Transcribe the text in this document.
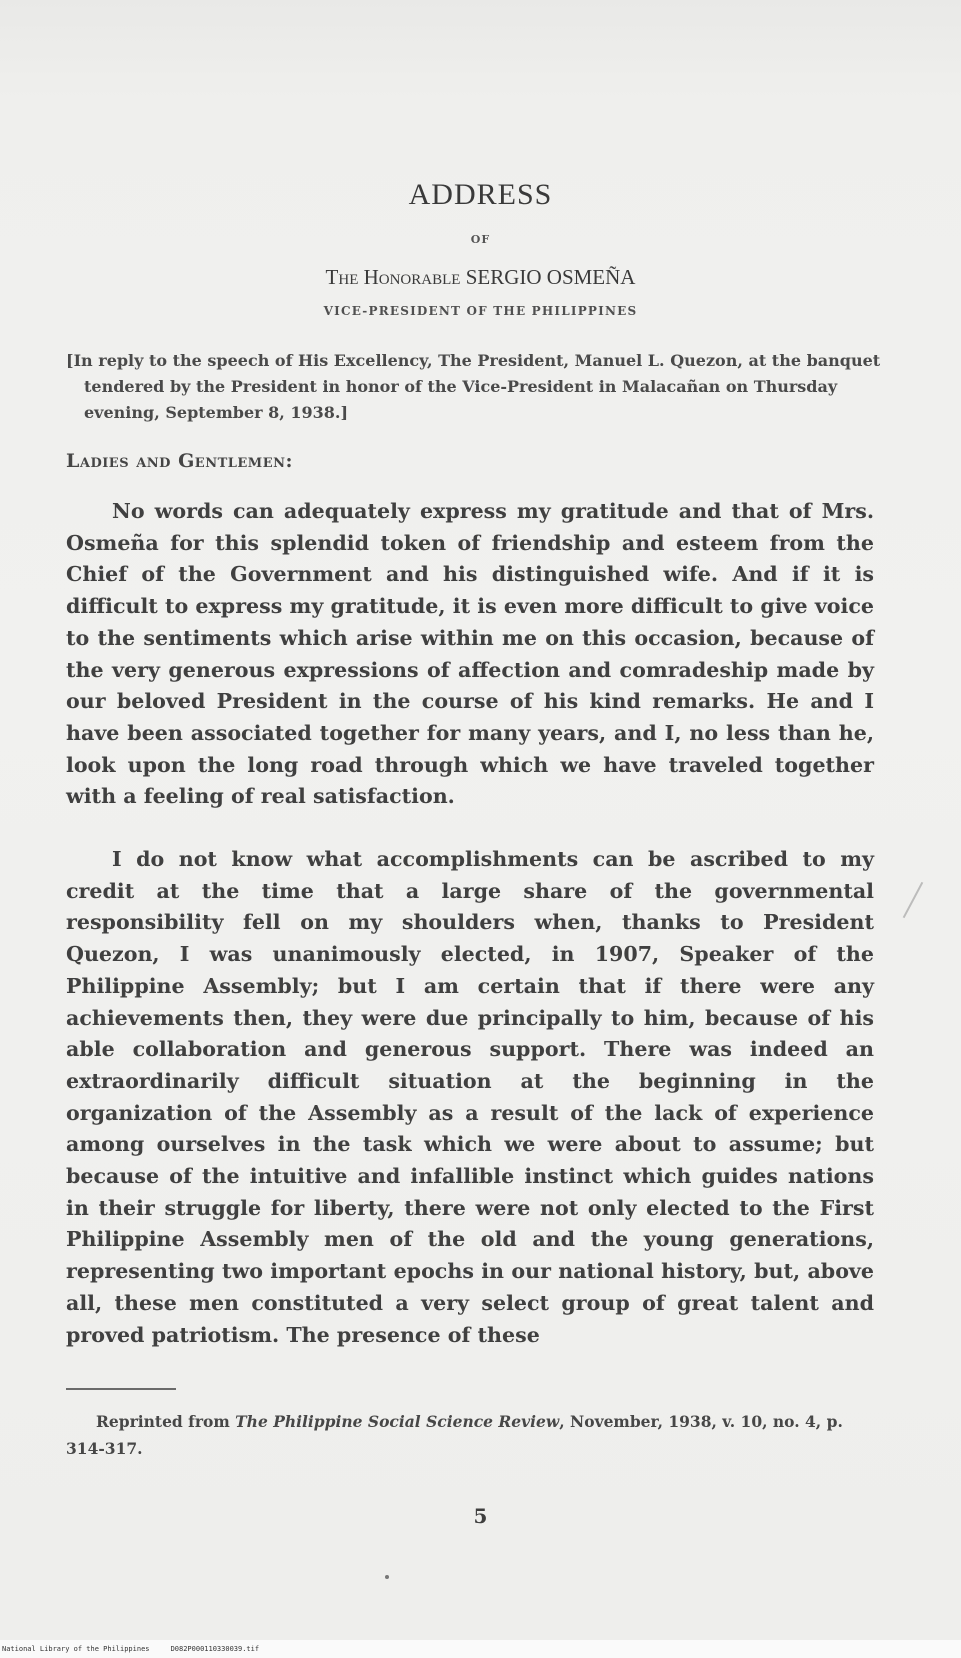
ADDRESS
OF
The Honorable SERGIO OSMEÑA
VICE-PRESIDENT OF THE PHILIPPINES
[In reply to the speech of His Excellency, The President, Manuel L. Quezon, at the banquet tendered by the President in honor of the Vice-President in Malacañan on Thursday evening, September 8, 1938.]
Ladies and Gentlemen:

No words can adequately express my gratitude and that of Mrs. Osmeña for this splendid token of friendship and esteem from the Chief of the Government and his distinguished wife. And if it is difficult to express my gratitude, it is even more difficult to give voice to the sentiments which arise within me on this occasion, because of the very generous expressions of affection and comradeship made by our beloved President in the course of his kind remarks. He and I have been associated together for many years, and I, no less than he, look upon the long road through which we have traveled together with a feeling of real satisfaction.

I do not know what accomplishments can be ascribed to my credit at the time that a large share of the governmental responsibility fell on my shoulders when, thanks to President Quezon, I was unanimously elected, in 1907, Speaker of the Philippine Assembly; but I am certain that if there were any achievements then, they were due principally to him, because of his able collaboration and generous support. There was indeed an extraordinarily difficult situation at the beginning in the organization of the Assembly as a result of the lack of experience among ourselves in the task which we were about to assume; but because of the intuitive and infallible instinct which guides nations in their struggle for liberty, there were not only elected to the First Philippine Assembly men of the old and the young generations, representing two important epochs in our national history, but, above all, these men constituted a very select group of great talent and proved patriotism. The presence of these

Reprinted from The Philippine Social Science Review, November, 1938, v. 10, no. 4, p. 314-317.
5
National Library of the Philippines     D082P000110330039.tif
